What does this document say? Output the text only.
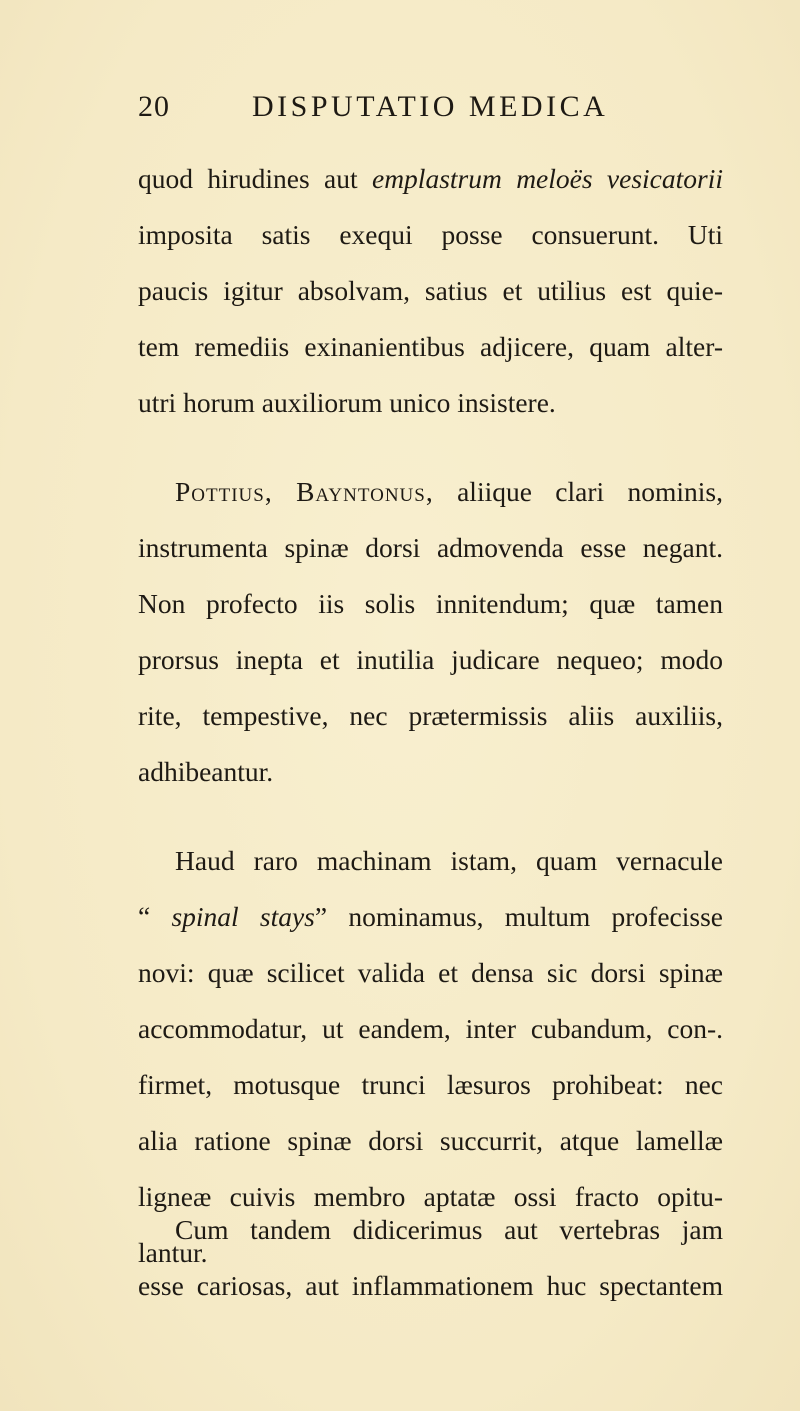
20	DISPUTATIO MEDICA
quod hirudines aut emplastrum meloës vesicatorii
imposita satis exequi posse consuerunt. Uti
paucis igitur absolvam, satius et utilius est quie-
tem remediis exinanientibus adjicere, quam alter-
utri horum auxiliorum unico insistere.
Pottius, Bayntonus, aliique clari nominis,
instrumenta spinæ dorsi admovenda esse negant.
Non profecto iis solis innitendum; quæ tamen
prorsus inepta et inutilia judicare nequeo; modo
rite, tempestive, nec prætermissis aliis auxiliis,
adhibeantur.
Haud raro machinam istam, quam vernacule
“ spinal stays” nominamus, multum profecisse
novi: quæ scilicet valida et densa sic dorsi spinæ
accommodatur, ut eandem, inter cubandum, con-.
firmet, motusque trunci læsuros prohibeat: nec
alia ratione spinæ dorsi succurrit, atque lamellæ
ligneæ cuivis membro aptatæ ossi fracto opitu-
lantur.
Cum tandem didicerimus aut vertebras jam
esse cariosas, aut inflammationem huc spectantem
